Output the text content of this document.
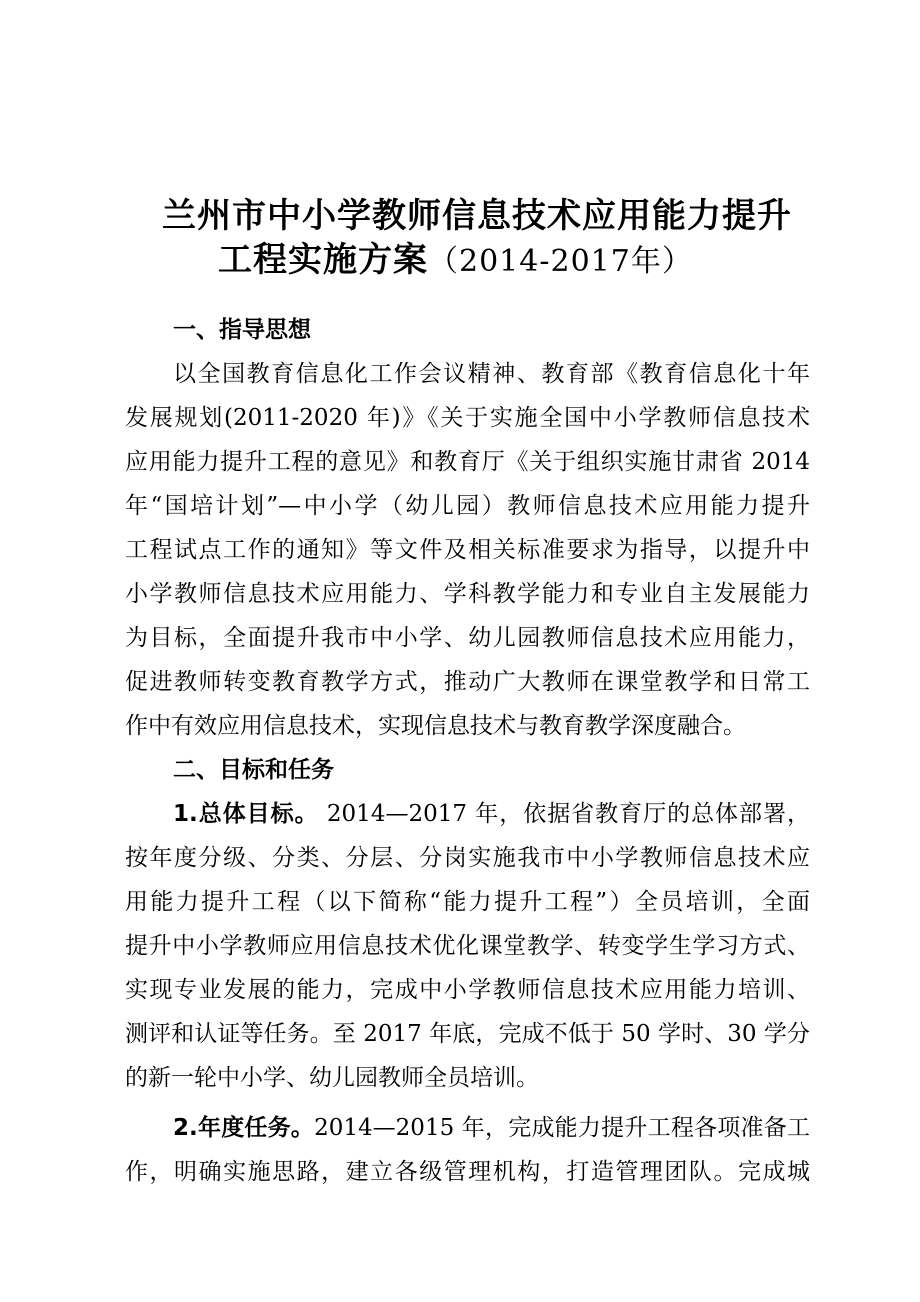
兰州市中小学教师信息技术应用能力提升
工程实施方案（2014-2017年）
一、指导思想
以全国教育信息化工作会议精神、教育部《教育信息化十年
发展规划(2011-2020 年)》《关于实施全国中小学教师信息技术
应用能力提升工程的意见》和教育厅《关于组织实施甘肃省 2014
年“国培计划”—中小学（幼儿园）教师信息技术应用能力提升
工程试点工作的通知》等文件及相关标准要求为指导，以提升中
小学教师信息技术应用能力、学科教学能力和专业自主发展能力
为目标，全面提升我市中小学、幼儿园教师信息技术应用能力，
促进教师转变教育教学方式，推动广大教师在课堂教学和日常工
作中有效应用信息技术，实现信息技术与教育教学深度融合。
二、目标和任务
1.总体目标。 2014—2017 年，依据省教育厅的总体部署，
按年度分级、分类、分层、分岗实施我市中小学教师信息技术应
用能力提升工程（以下简称“能力提升工程”）全员培训，全面
提升中小学教师应用信息技术优化课堂教学、转变学生学习方式、
实现专业发展的能力，完成中小学教师信息技术应用能力培训、
测评和认证等任务。至 2017 年底，完成不低于 50 学时、30 学分
的新一轮中小学、幼儿园教师全员培训。
2.年度任务。2014—2015 年，完成能力提升工程各项准备工
作，明确实施思路，建立各级管理机构，打造管理团队。完成城
